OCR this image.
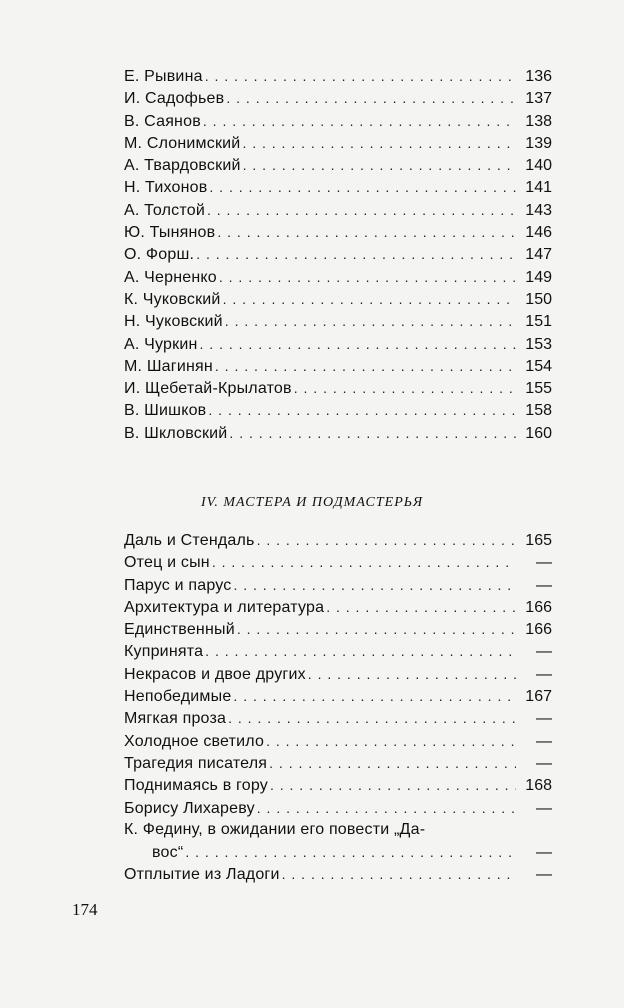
Е. Рывина . . .	136
И. Садофьев . . .	137
В. Саянов . . .	138
М. Слонимский . . .	139
А. Твардовский . . .	140
Н. Тихонов . . .	141
А. Толстой . . .	143
Ю. Тынянов . . .	146
О. Форш. . . .	147
А. Черненко . . .	149
К. Чуковский . . .	150
Н. Чуковский . . .	151
А. Чуркин . . .	153
М. Шагинян . . .	154
И. Щебетай-Крылатов . . .	155
В. Шишков . . .	158
В. Шкловский . . .	160
IV. МАСТЕРА И ПОДМАСТЕРЬЯ
Даль и Стендаль . . .	165
Отец и сын . . .	—
Парус и парус . . .	—
Архитектура и литература . . .	166
Единственный . . .	166
Купринята . . .	—
Некрасов и двое других . . .	—
Непобедимые . . .	167
Мягкая проза . . .	—
Холодное светило . . .	—
Трагедия писателя . . .	—
Поднимаясь в гору . . .	168
Борису Лихареву . . .	—
К. Федину, в ожидании его повести „Да-
вос“ . . .	—
Отплытие из Ладоги . . .	—
174
